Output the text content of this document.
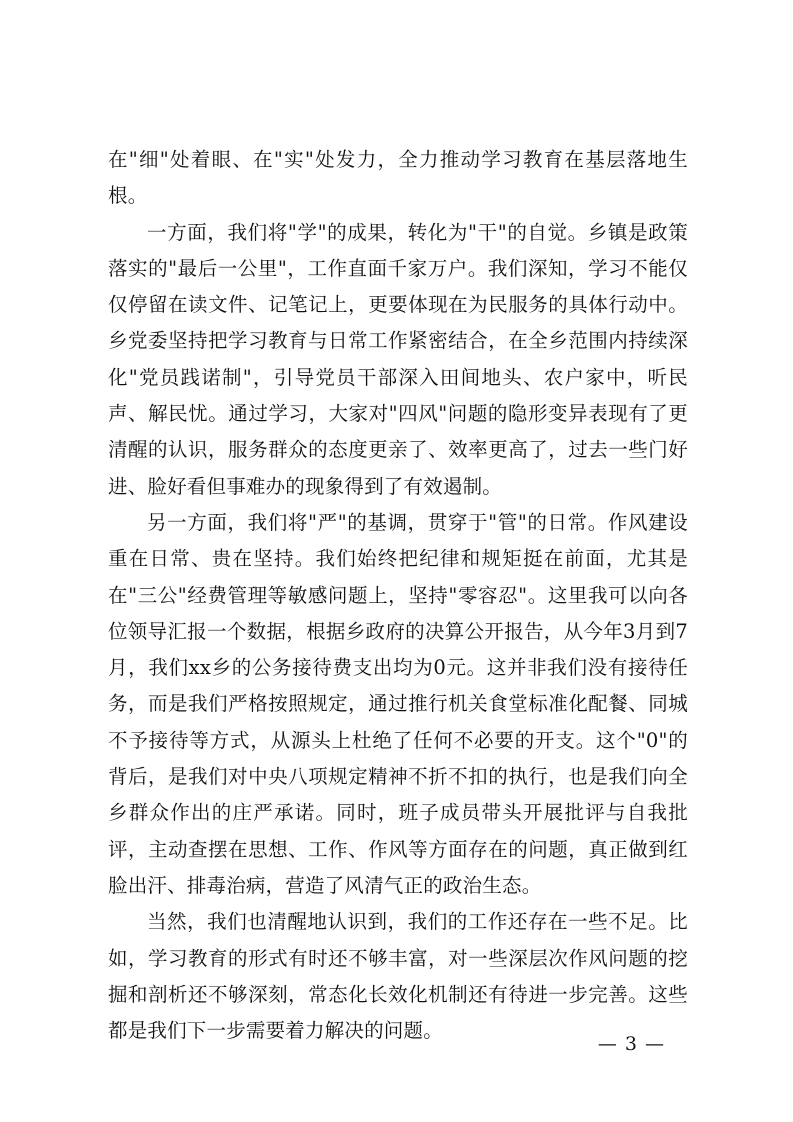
在"细"处着眼、在"实"处发力，全力推动学习教育在基层落地生根。

一方面，我们将"学"的成果，转化为"干"的自觉。乡镇是政策落实的"最后一公里"，工作直面千家万户。我们深知，学习不能仅仅停留在读文件、记笔记上，更要体现在为民服务的具体行动中。乡党委坚持把学习教育与日常工作紧密结合，在全乡范围内持续深化"党员践诺制"，引导党员干部深入田间地头、农户家中，听民声、解民忧。通过学习，大家对"四风"问题的隐形变异表现有了更清醒的认识，服务群众的态度更亲了、效率更高了，过去一些门好进、脸好看但事难办的现象得到了有效遏制。

另一方面，我们将"严"的基调，贯穿于"管"的日常。作风建设重在日常、贵在坚持。我们始终把纪律和规矩挺在前面，尤其是在"三公"经费管理等敏感问题上，坚持"零容忍"。这里我可以向各位领导汇报一个数据，根据乡政府的决算公开报告，从今年3月到7月，我们xx乡的公务接待费支出均为0元。这并非我们没有接待任务，而是我们严格按照规定，通过推行机关食堂标准化配餐、同城不予接待等方式，从源头上杜绝了任何不必要的开支。这个"0"的背后，是我们对中央八项规定精神不折不扣的执行，也是我们向全乡群众作出的庄严承诺。同时，班子成员带头开展批评与自我批评，主动查摆在思想、工作、作风等方面存在的问题，真正做到红脸出汗、排毒治病，营造了风清气正的政治生态。

当然，我们也清醒地认识到，我们的工作还存在一些不足。比如，学习教育的形式有时还不够丰富，对一些深层次作风问题的挖掘和剖析还不够深刻，常态化长效化机制还有待进一步完善。这些都是我们下一步需要着力解决的问题。

— 3 —
